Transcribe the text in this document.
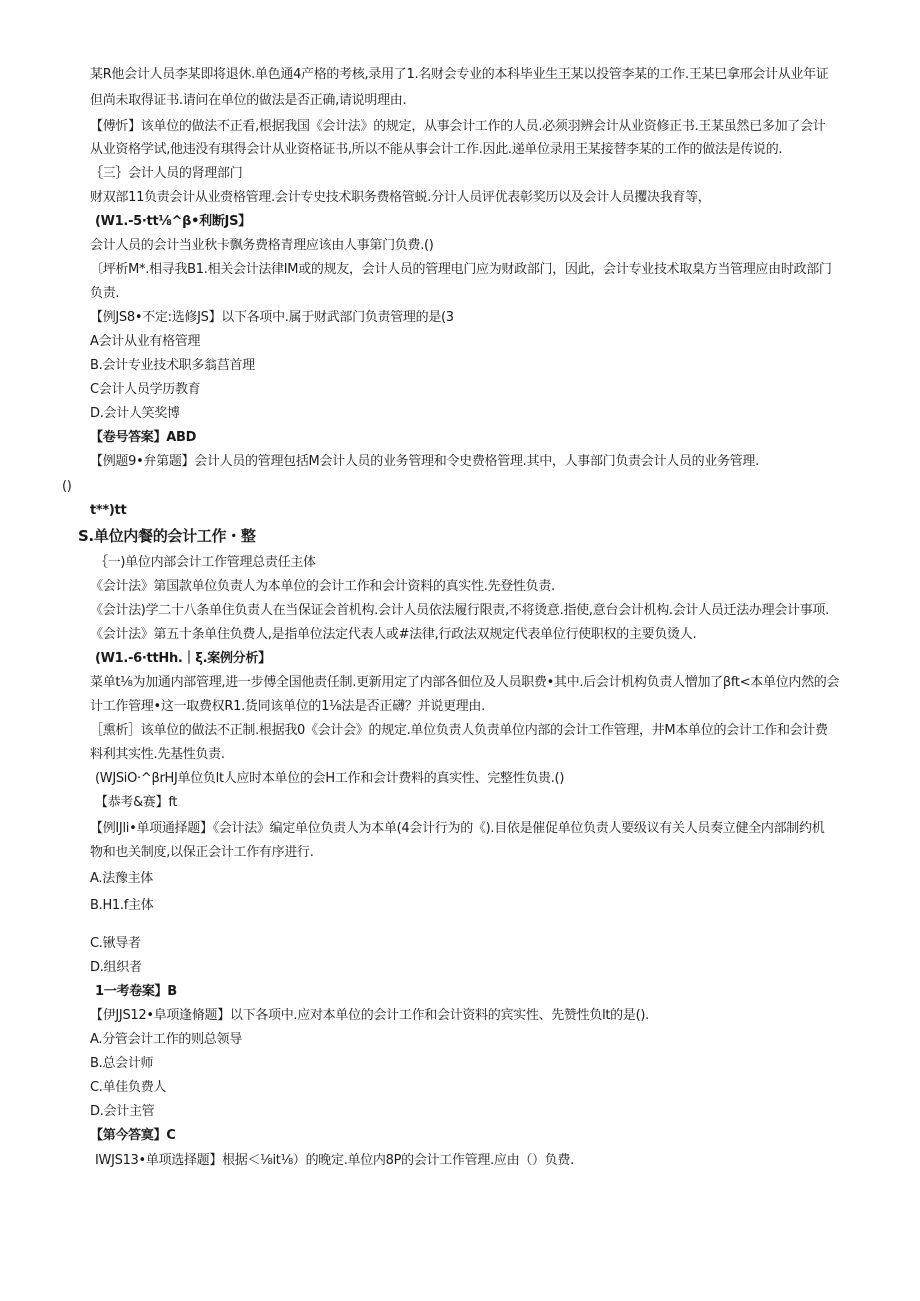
某R他会计人员李某即将退休.单色通4产格的考核,录用了1.名财会专业的本科毕业生王某以投管李某的工作.王某巳拿邢会计从业年证
但尚未取得证书.请问在单位的做法是否正确,请说明理由.
【傅忻】该单位的做法不正看,根据我国《会计法》的规定，从事会计工作的人员.必须羽辨会计从业资修正书.王某虽然已多加了会计
从业资格学试,他违没有琪得会计从业资格证书,所以不能从事会计工作.因此.递单位录用王某接替李某的工作的做法是传说的.
｛三｝会计人员的肾理部门
财双部11负责会计从业赍格管理.会计专史技术职务费格管蜕.分计人员评优表彰奖历以及会计人员攫决我育等，
(W1.-5·tt⅛^β•利断JS】
会计人员的会计当业秋卡飘务费格青理应该由人事第门负费.()
〔坪析M*.相寻我B1.相关会计法律IM或的规友，会计人员的管理电门应为财政部门，因此，会计专业技术取臬方当管理应由时政部门
负责.
【例JS8•不定:选修JS】以下各项中.属于财武部门负责管理的是(3
A会计从业有格管理
B.会计专业技术职多翁莒首理
C会计人员学历教育
D.会计人笑奖博
【卷号答案】ABD
【例题9•弁第题】会计人员的管理包括M会计人员的业务管理和令史费格管理.其中，人事部门负责会计人员的业务管理.
()
t**)tt
S.单位内餐的会计工作・整
｛一)单位内部会计工作管理总责任主体
《会计法》第国款单位负责人为本单位的会计工作和会计资料的真实性.先登性负责.
《会计法)学二十八条单住负责人在当保证会首机构.会计人员依法履行限责,不将烫意.指使,意台会计机构.会计人员迁法办理会计事项.
《会计法》第五十条单住负费人,是指单位法定代表人或#法律,行政法双规定代表单位行使职权的主要负烫人.
(W1.-6·ttHh.｜ξ.案例分析】
菜单t⅛为加通内部管理,进一步傅全国他责任制.更新用定了内部各佃位及人员职费•其中.后会计机构负责人憎加了βft<本单位内然的会
计工作管理•这一取费权R1.货同该单位的1⅛法是否正礴？并说更理由.
［熏析］该单位的做法不正制.根据我0《会计会》的规定.单位负责人负责单位内部的会计工作管理，井M本单位的会计工作和会计费
料利其实性.先基性负责.
(WJSiO·^βrHJ单位负lt人应时本单位的会H工作和会计费料的真实性、完整性负贵.()
【恭考&赛】ft
【例IJli•单项通择题】《会计法》编定单位负责人为本单(4会计行为的《).目依是催促单位负责人要级议有关人员奏立健全内部制约机
物和也关制度,以保正会计工作有序进行.
A.法豫主体
B.H1.f主体
C.锹导者
D.组织者
1一考卷案】B
【伊JJS12•阜项逢脩题】以下各项中.应对本单位的会计工作和会计资料的宾实性、先赞性负lt的是().
A.分管会计工作的则总领导
B.总会计师
C.单佳负费人
D.会计主管
【第今答寞】C
IWJS13•单项选择题】根据＜⅛it⅛）的晚定.单位内8P的会计工作管理.应由（）负费.
